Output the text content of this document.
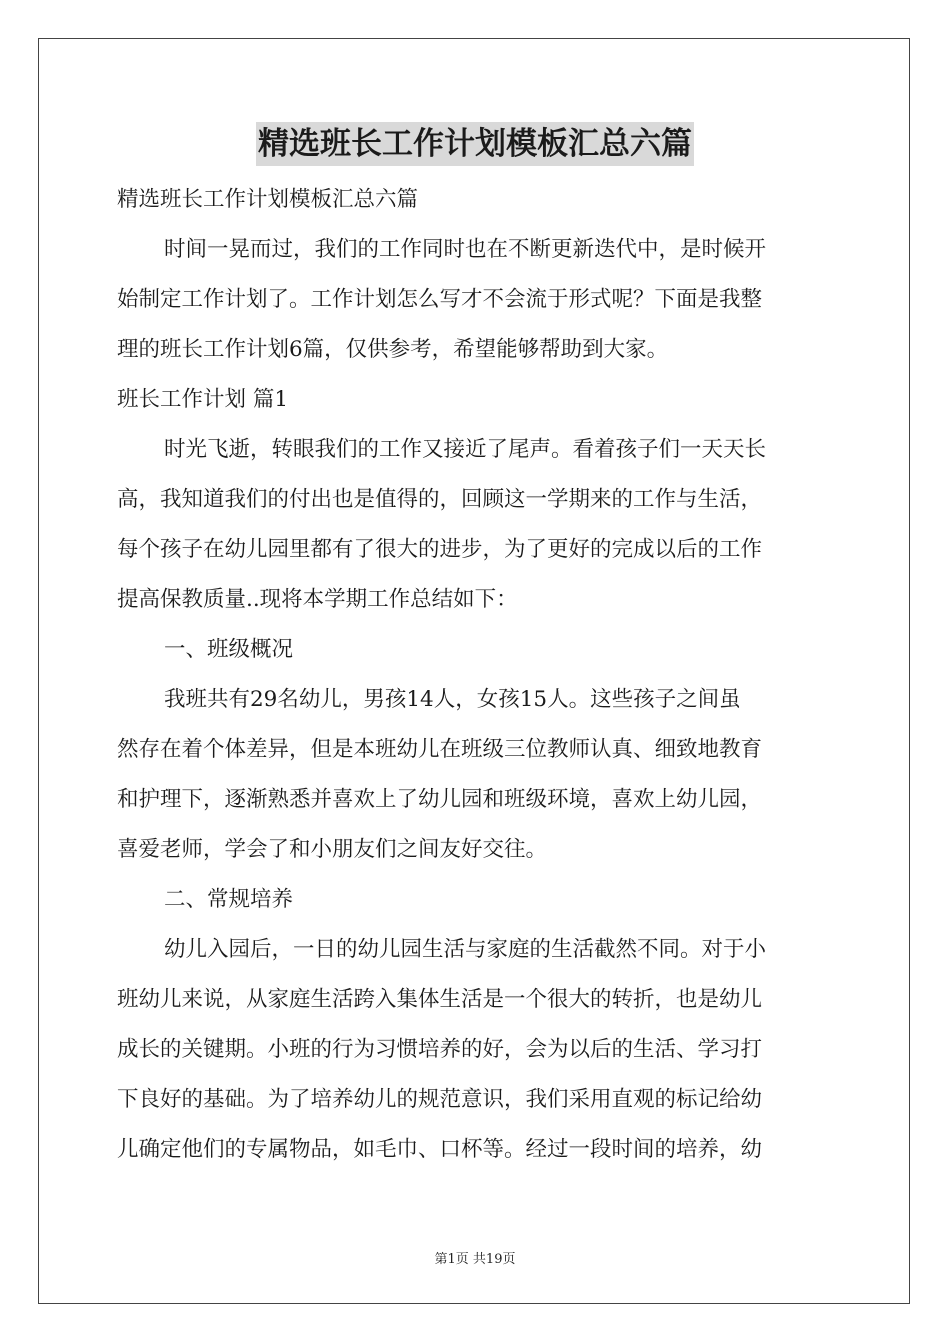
精选班长工作计划模板汇总六篇
精选班长工作计划模板汇总六篇
时间一晃而过，我们的工作同时也在不断更新迭代中，是时候开
始制定工作计划了。工作计划怎么写才不会流于形式呢？下面是我整
理的班长工作计划6篇，仅供参考，希望能够帮助到大家。
班长工作计划 篇1
时光飞逝，转眼我们的工作又接近了尾声。看着孩子们一天天长
高，我知道我们的付出也是值得的，回顾这一学期来的工作与生活，
每个孩子在幼儿园里都有了很大的进步，为了更好的完成以后的工作
提高保教质量..现将本学期工作总结如下：
一、班级概况
我班共有29名幼儿，男孩14人，女孩15人。这些孩子之间虽
然存在着个体差异，但是本班幼儿在班级三位教师认真、细致地教育
和护理下，逐渐熟悉并喜欢上了幼儿园和班级环境，喜欢上幼儿园，
喜爱老师，学会了和小朋友们之间友好交往。
二、常规培养
幼儿入园后，一日的幼儿园生活与家庭的生活截然不同。对于小
班幼儿来说，从家庭生活跨入集体生活是一个很大的转折，也是幼儿
成长的关键期。小班的行为习惯培养的好，会为以后的生活、学习打
下良好的基础。为了培养幼儿的规范意识，我们采用直观的标记给幼
儿确定他们的专属物品，如毛巾、口杯等。经过一段时间的培养，幼
第1页 共19页
